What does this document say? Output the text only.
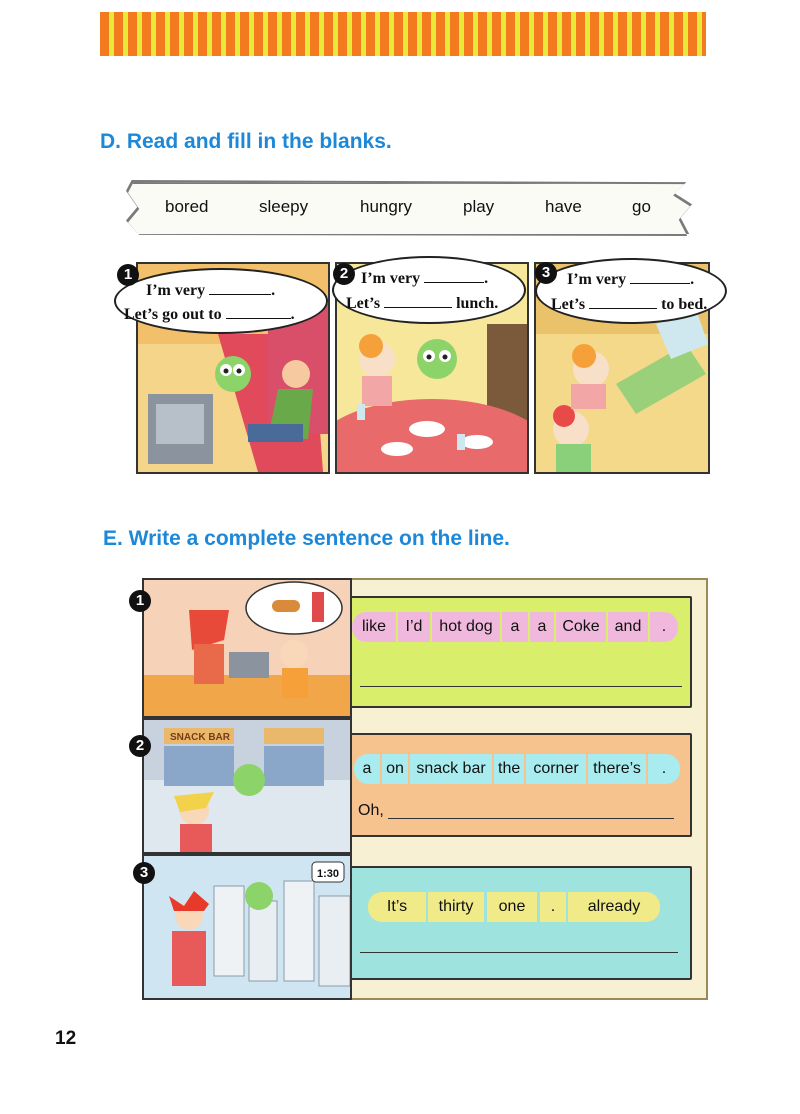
D. Read and fill in the blanks.
bored	sleepy	hungry	play	have	go
I’m very	.
Let’s go out to	.
1	I’m very	.
Let’s	lunch.
2	I’m very	.
Let’s	to bed.
3
E. Write a complete sentence on the line.
SNACK BAR
1:30
1
2
3
like	I’d	hot dog	a	a Coke and	.
a on snack bar the corner there’s	.
Oh,
It’s	thirty	one	.	already
12
